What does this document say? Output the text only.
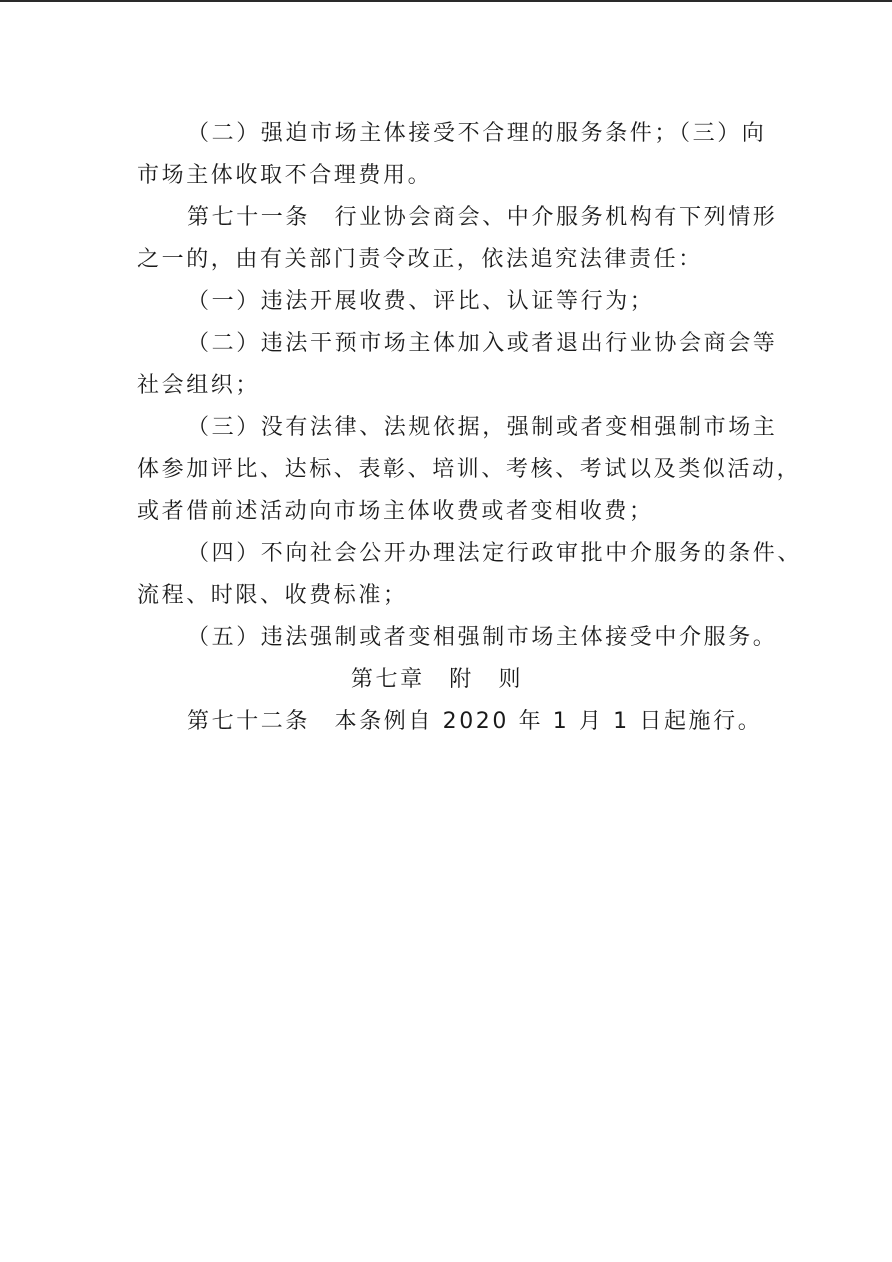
（二）强迫市场主体接受不合理的服务条件；（三）向
市场主体收取不合理费用。
第七十一条　行业协会商会、中介服务机构有下列情形
之一的，由有关部门责令改正，依法追究法律责任：
（一）违法开展收费、评比、认证等行为；
（二）违法干预市场主体加入或者退出行业协会商会等
社会组织；
（三）没有法律、法规依据，强制或者变相强制市场主
体参加评比、达标、表彰、培训、考核、考试以及类似活动，
或者借前述活动向市场主体收费或者变相收费；
（四）不向社会公开办理法定行政审批中介服务的条件、
流程、时限、收费标准；
（五）违法强制或者变相强制市场主体接受中介服务。
第七章　附　则
第七十二条　本条例自 2020 年 1 月 1 日起施行。
